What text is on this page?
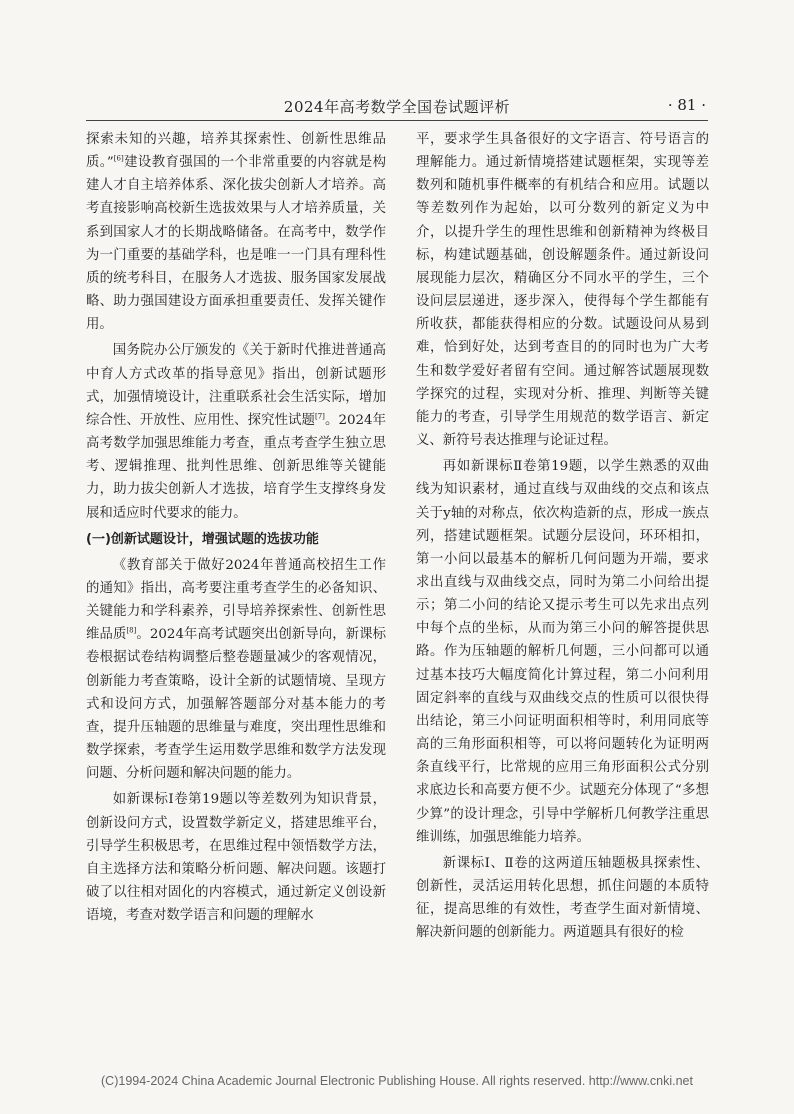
2024年高考数学全国卷试题评析	· 81 ·

探索未知的兴趣，培养其探索性、创新性思维品质。”[6]建设教育强国的一个非常重要的内容就是构建人才自主培养体系、深化拔尖创新人才培养。高考直接影响高校新生选拔效果与人才培养质量，关系到国家人才的长期战略储备。在高考中，数学作为一门重要的基础学科，也是唯一一门具有理科性质的统考科目，在服务人才选拔、服务国家发展战略、助力强国建设方面承担重要责任、发挥关键作用。

国务院办公厅颁发的《关于新时代推进普通高中育人方式改革的指导意见》指出，创新试题形式，加强情境设计，注重联系社会生活实际，增加综合性、开放性、应用性、探究性试题[7]。2024年高考数学加强思维能力考查，重点考查学生独立思考、逻辑推理、批判性思维、创新思维等关键能力，助力拔尖创新人才选拔，培育学生支撑终身发展和适应时代要求的能力。

(一)创新试题设计，增强试题的选拔功能

《教育部关于做好2024年普通高校招生工作的通知》指出，高考要注重考查学生的必备知识、关键能力和学科素养，引导培养探索性、创新性思维品质[8]。2024年高考试题突出创新导向，新课标卷根据试卷结构调整后整卷题量减少的客观情况，创新能力考查策略，设计全新的试题情境、呈现方式和设问方式，加强解答题部分对基本能力的考查，提升压轴题的思维量与难度，突出理性思维和数学探索，考查学生运用数学思维和数学方法发现问题、分析问题和解决问题的能力。

如新课标Ⅰ卷第19题以等差数列为知识背景，创新设问方式，设置数学新定义，搭建思维平台，引导学生积极思考，在思维过程中领悟数学方法，自主选择方法和策略分析问题、解决问题。该题打破了以往相对固化的内容模式，通过新定义创设新语境，考查对数学语言和问题的理解水

平，要求学生具备很好的文字语言、符号语言的理解能力。通过新情境搭建试题框架，实现等差数列和随机事件概率的有机结合和应用。试题以等差数列作为起始，以可分数列的新定义为中介，以提升学生的理性思维和创新精神为终极目标，构建试题基础，创设解题条件。通过新设问展现能力层次，精确区分不同水平的学生，三个设问层层递进，逐步深入，使得每个学生都能有所收获，都能获得相应的分数。试题设问从易到难，恰到好处，达到考查目的的同时也为广大考生和数学爱好者留有空间。通过解答试题展现数学探究的过程，实现对分析、推理、判断等关键能力的考查，引导学生用规范的数学语言、新定义、新符号表达推理与论证过程。

再如新课标Ⅱ卷第19题，以学生熟悉的双曲线为知识素材，通过直线与双曲线的交点和该点关于y轴的对称点，依次构造新的点，形成一族点列，搭建试题框架。试题分层设问，环环相扣，第一小问以最基本的解析几何问题为开端，要求求出直线与双曲线交点，同时为第二小问给出提示；第二小问的结论又提示考生可以先求出点列中每个点的坐标，从而为第三小问的解答提供思路。作为压轴题的解析几何题，三小问都可以通过基本技巧大幅度简化计算过程，第二小问利用固定斜率的直线与双曲线交点的性质可以很快得出结论，第三小问证明面积相等时，利用同底等高的三角形面积相等，可以将问题转化为证明两条直线平行，比常规的应用三角形面积公式分别求底边长和高要方便不少。试题充分体现了“多想少算”的设计理念，引导中学解析几何教学注重思维训练，加强思维能力培养。

新课标Ⅰ、Ⅱ卷的这两道压轴题极具探索性、创新性，灵活运用转化思想，抓住问题的本质特征，提高思维的有效性，考查学生面对新情境、解决新问题的创新能力。两道题具有很好的检

(C)1994-2024 China Academic Journal Electronic Publishing House. All rights reserved. http://www.cnki.net
